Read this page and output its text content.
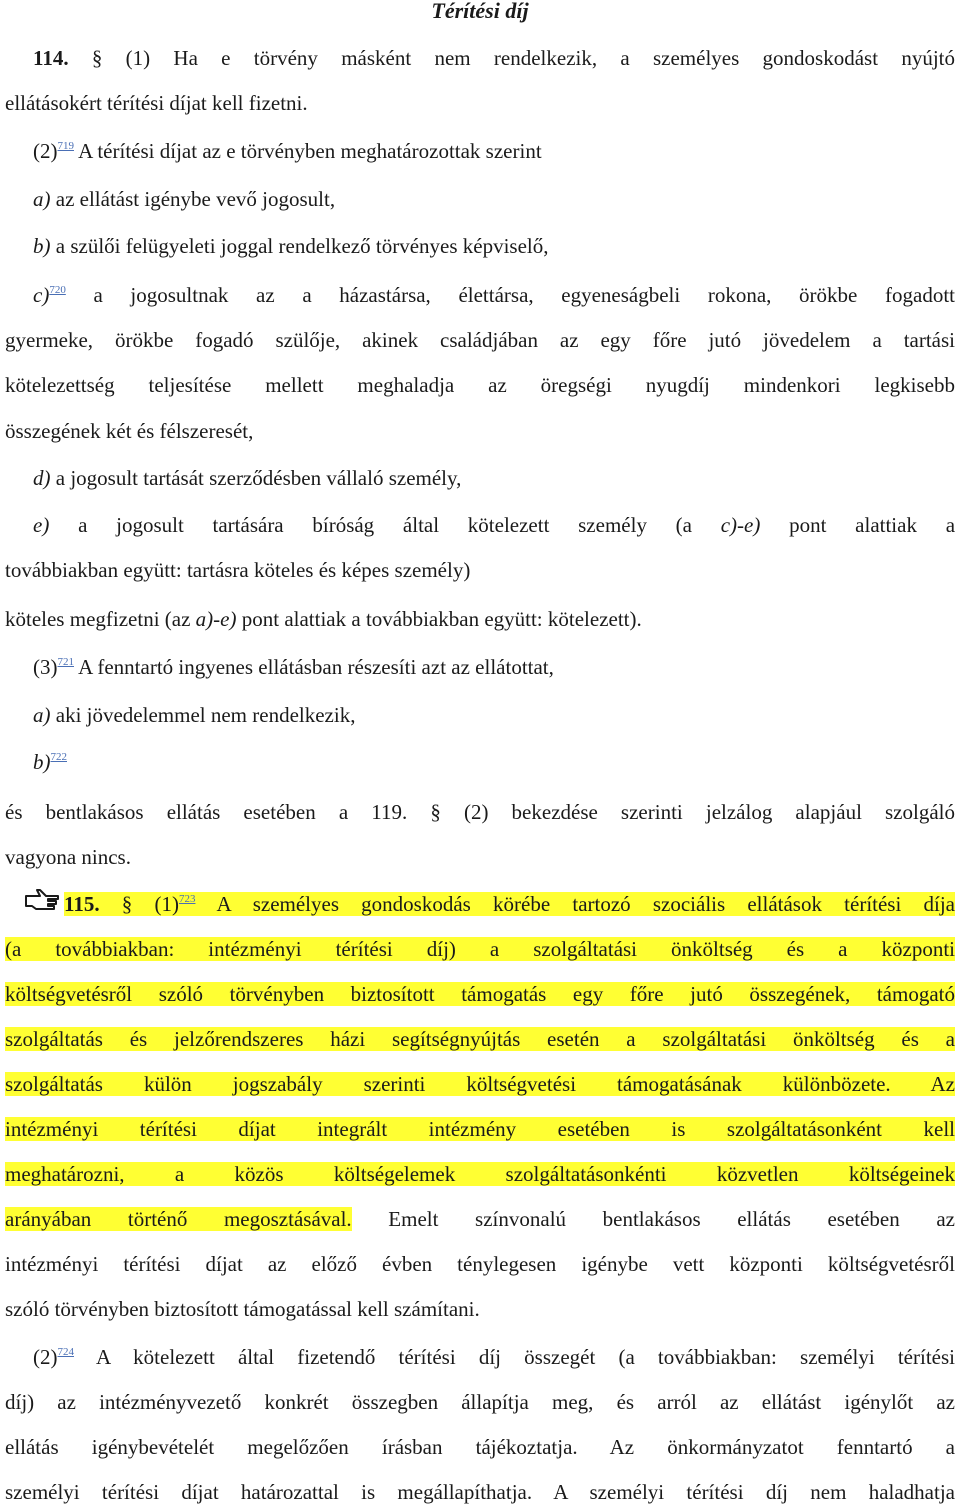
Térítési díj
114. § (1) Ha e törvény másként nem rendelkezik, a személyes gondoskodást nyújtó
ellátásokért térítési díjat kell fizetni.
$(2)^{719}$ A térítési díjat az e törvényben meghatározottak szerint
a) az ellátást igénybe vevő jogosult,
b) a szülői felügyeleti joggal rendelkező törvényes képviselő,
c)$^{720}$ a jogosultnak az a házastársa, élettársa, egyeneságbeli rokona, örökbe fogadott
gyermeke, örökbe fogadó szülője, akinek családjában az egy főre jutó jövedelem a tartási
kötelezettség teljesítése mellett meghaladja az öregségi nyugdíj mindenkori legkisebb
összegének két és félszeresét,
d) a jogosult tartását szerződésben vállaló személy,
e) a jogosult tartására bíróság által kötelezett személy (a c)-e) pont alattiak a
továbbiakban együtt: tartásra köteles és képes személy)
köteles megfizetni (az a)-e) pont alattiak a továbbiakban együtt: kötelezett).
$(3)^{721}$ A fenntartó ingyenes ellátásban részesíti azt az ellátottat,
a) aki jövedelemmel nem rendelkezik,
b)$^{722}$
és bentlakásos ellátás esetében a 119. § (2) bekezdése szerinti jelzálog alapjául szolgáló
vagyona nincs.
115. § $(1)^{723}$ A személyes gondoskodás körébe tartozó szociális ellátások térítési díja
(a továbbiakban: intézményi térítési díj) a szolgáltatási önköltség és a központi
költségvetésről szóló törvényben biztosított támogatás egy főre jutó összegének, támogató
szolgáltatás és jelzőrendszeres házi segítségnyújtás esetén a szolgáltatási önköltség és a
szolgáltatás külön jogszabály szerinti költségvetési támogatásának különbözete. Az
intézményi térítési díjat integrált intézmény esetében is szolgáltatásonként kell
meghatározni, a közös költségelemek szolgáltatásonkénti közvetlen költségeinek
arányában történő megosztásával. Emelt színvonalú bentlakásos ellátás esetében az
intézményi térítési díjat az előző évben ténylegesen igénybe vett központi költségvetésről
szóló törvényben biztosított támogatással kell számítani.
$(2)^{724}$ A kötelezett által fizetendő térítési díj összegét (a továbbiakban: személyi térítési
díj) az intézményvezető konkrét összegben állapítja meg, és arról az ellátást igénylőt az
ellátás igénybevételét megelőzően írásban tájékoztatja. Az önkormányzatot fenntartó a
személyi térítési díjat határozattal is megállapíthatja. A személyi térítési díj nem haladhatja
